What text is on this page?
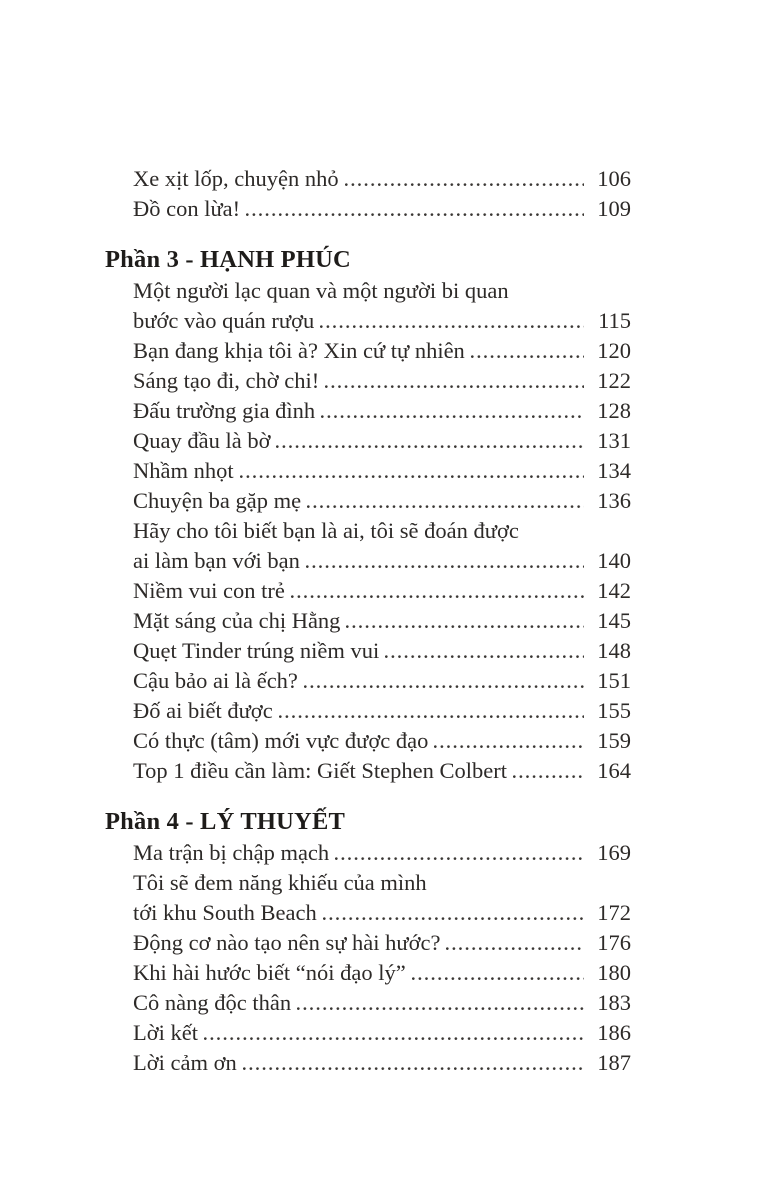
Xe xịt lốp, chuyện nhỏ	106
Đồ con lừa!	109
Phần 3 - HẠNH PHÚC
Một người lạc quan và một người bi quan
bước vào quán rượu	115
Bạn đang khịa tôi à? Xin cứ tự nhiên	120
Sáng tạo đi, chờ chi!	122
Đấu trường gia đình	128
Quay đầu là bờ	131
Nhầm nhọt	134
Chuyện ba gặp mẹ	136
Hãy cho tôi biết bạn là ai, tôi sẽ đoán được
ai làm bạn với bạn	140
Niềm vui con trẻ	142
Mặt sáng của chị Hằng	145
Quẹt Tinder trúng niềm vui	148
Cậu bảo ai là ếch?	151
Đố ai biết được	155
Có thực (tâm) mới vực được đạo	159
Top 1 điều cần làm: Giết Stephen Colbert	164
Phần 4 - LÝ THUYẾT
Ma trận bị chập mạch	169
Tôi sẽ đem năng khiếu của mình
tới khu South Beach	172
Động cơ nào tạo nên sự hài hước?	176
Khi hài hước biết “nói đạo lý”	180
Cô nàng độc thân	183
Lời kết	186
Lời cảm ơn	187
